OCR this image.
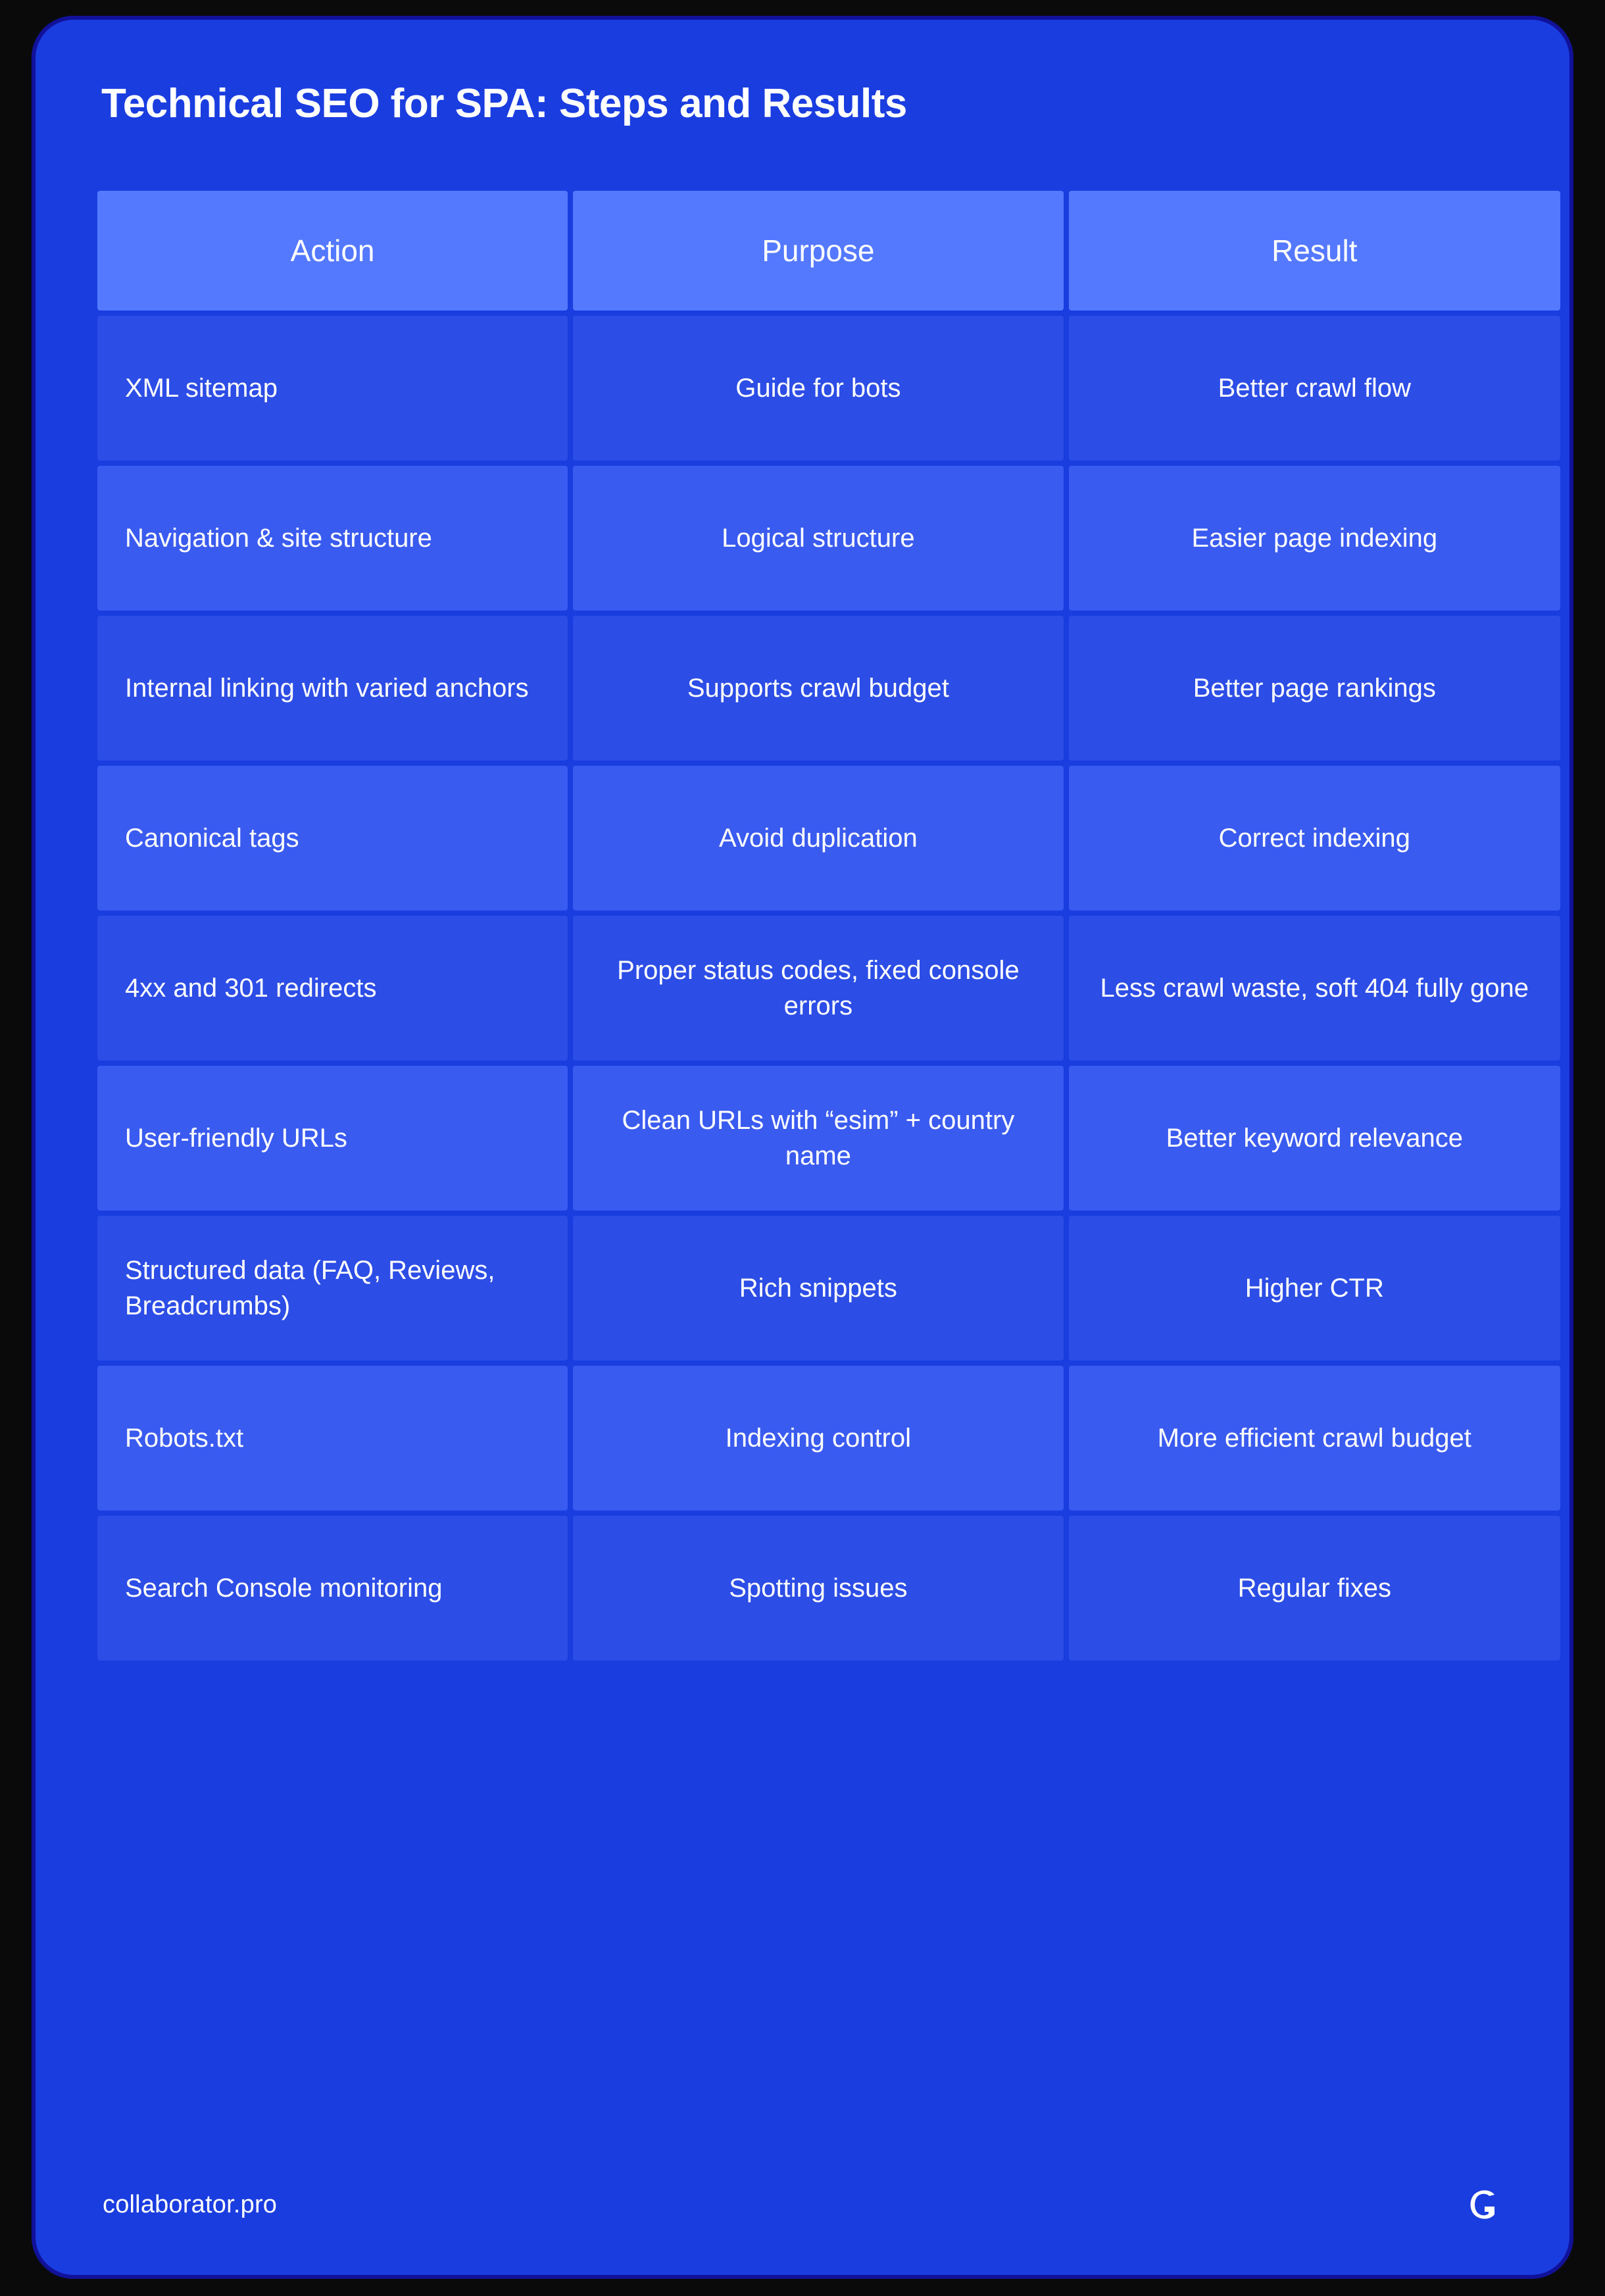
Technical SEO for SPA: Steps and Results
Action	Purpose	Result
XML sitemap	Guide for bots	Better crawl flow
Navigation & site structure	Logical structure	Easier page indexing
Internal linking with varied anchors	Supports crawl budget	Better page rankings
Canonical tags	Avoid duplication	Correct indexing
4xx and 301 redirects	Proper status codes, fixed console errors	Less crawl waste, soft 404 fully gone
User-friendly URLs	Clean URLs with “esim” + country name	Better keyword relevance
Structured data (FAQ, Reviews, Breadcrumbs)	Rich snippets	Higher CTR
Robots.txt	Indexing control	More efficient crawl budget
Search Console monitoring	Spotting issues	Regular fixes
collaborator.pro
